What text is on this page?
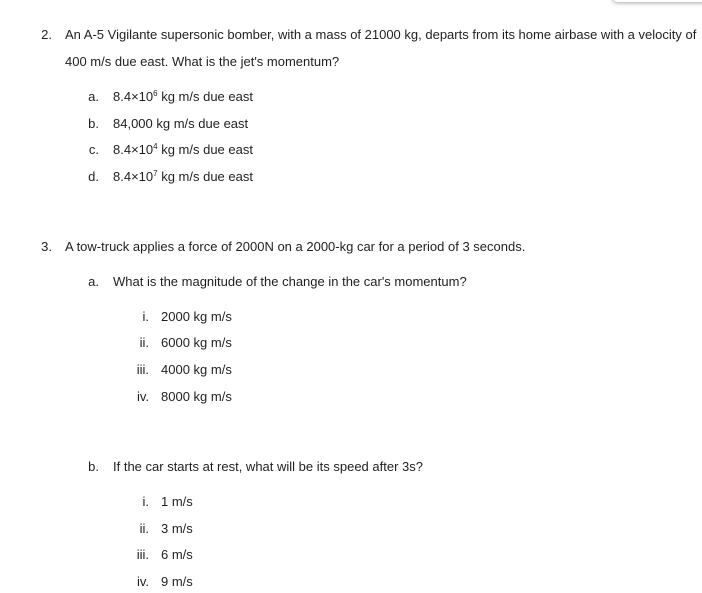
2. An A-5 Vigilante supersonic bomber, with a mass of 21000 kg, departs from its home airbase with a velocity of
400 m/s due east. What is the jet's momentum?
a. $8.4\times 10^6$ kg m/s due east
b. 84,000 kg m/s due east
c. $8.4\times 10^4$ kg m/s due east
d. $8.4\times 10^7$ kg m/s due east
3. A tow-truck applies a force of 2000N on a 2000-kg car for a period of 3 seconds.
a. What is the magnitude of the change in the car's momentum?
i. 2000 kg m/s
ii. 6000 kg m/s
iii. 4000 kg m/s
iv. 8000 kg m/s
b. If the car starts at rest, what will be its speed after 3s?
i. 1 m/s
ii. 3 m/s
iii. 6 m/s
iv. 9 m/s
